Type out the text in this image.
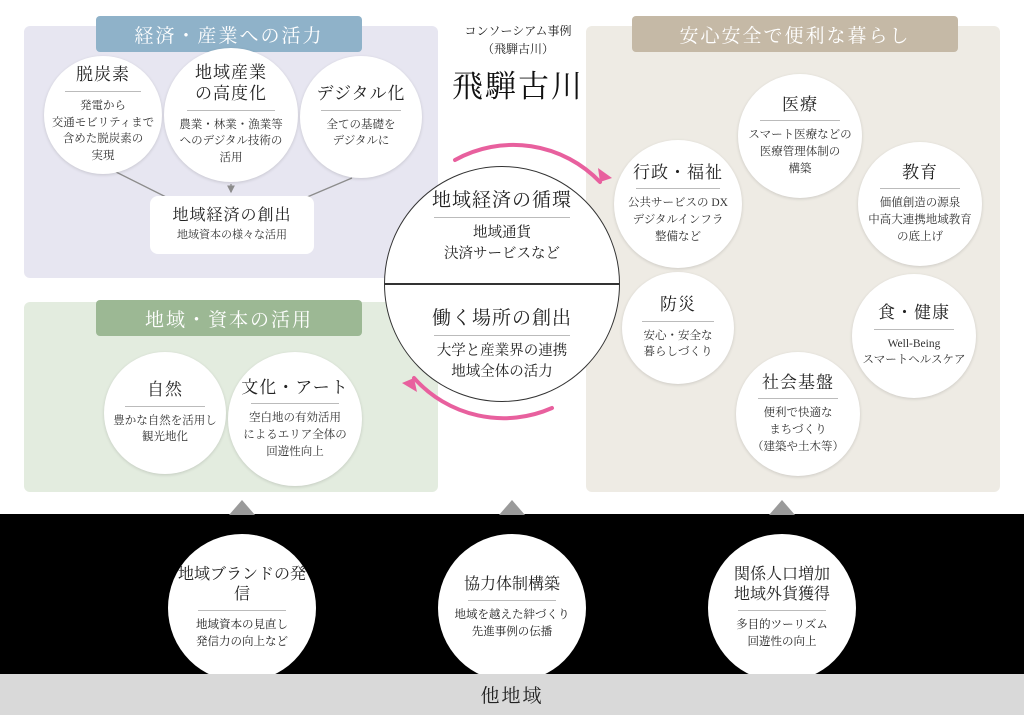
経済・産業への活力
地域・資本の活用
安心安全で便利な暮らし
コンソーシアム事例
（飛騨古川）
飛騨古川
脱炭素
発電から
交通モビリティまで
含めた脱炭素の
実現
地域産業
の高度化
農業・林業・漁業等
へのデジタル技術の
活用
デジタル化
全ての基礎を
デジタルに
地域経済の創出
地域資本の様々な活用
自然
豊かな自然を活用し
観光地化
文化・アート
空白地の有効活用
によるエリア全体の
回遊性向上
医療
スマート医療などの
医療管理体制の
構築
行政・福祉
公共サービスの DX
デジタルインフラ
整備など
教育
価値創造の源泉
中高大連携地域教育
の底上げ
防災
安心・安全な
暮らしづくり
食・健康
Well-Being
スマートヘルスケア
社会基盤
便利で快適な
まちづくり
（建築や土木等）
地域経済の循環
地域通貨
決済サービスなど
働く場所の創出
大学と産業界の連携
地域全体の活力
地域ブランドの発信
地域資本の見直し
発信力の向上など
協力体制構築
地域を越えた絆づくり
先進事例の伝播
関係人口増加
地域外貨獲得
多目的ツーリズム
回遊性の向上
他地域
